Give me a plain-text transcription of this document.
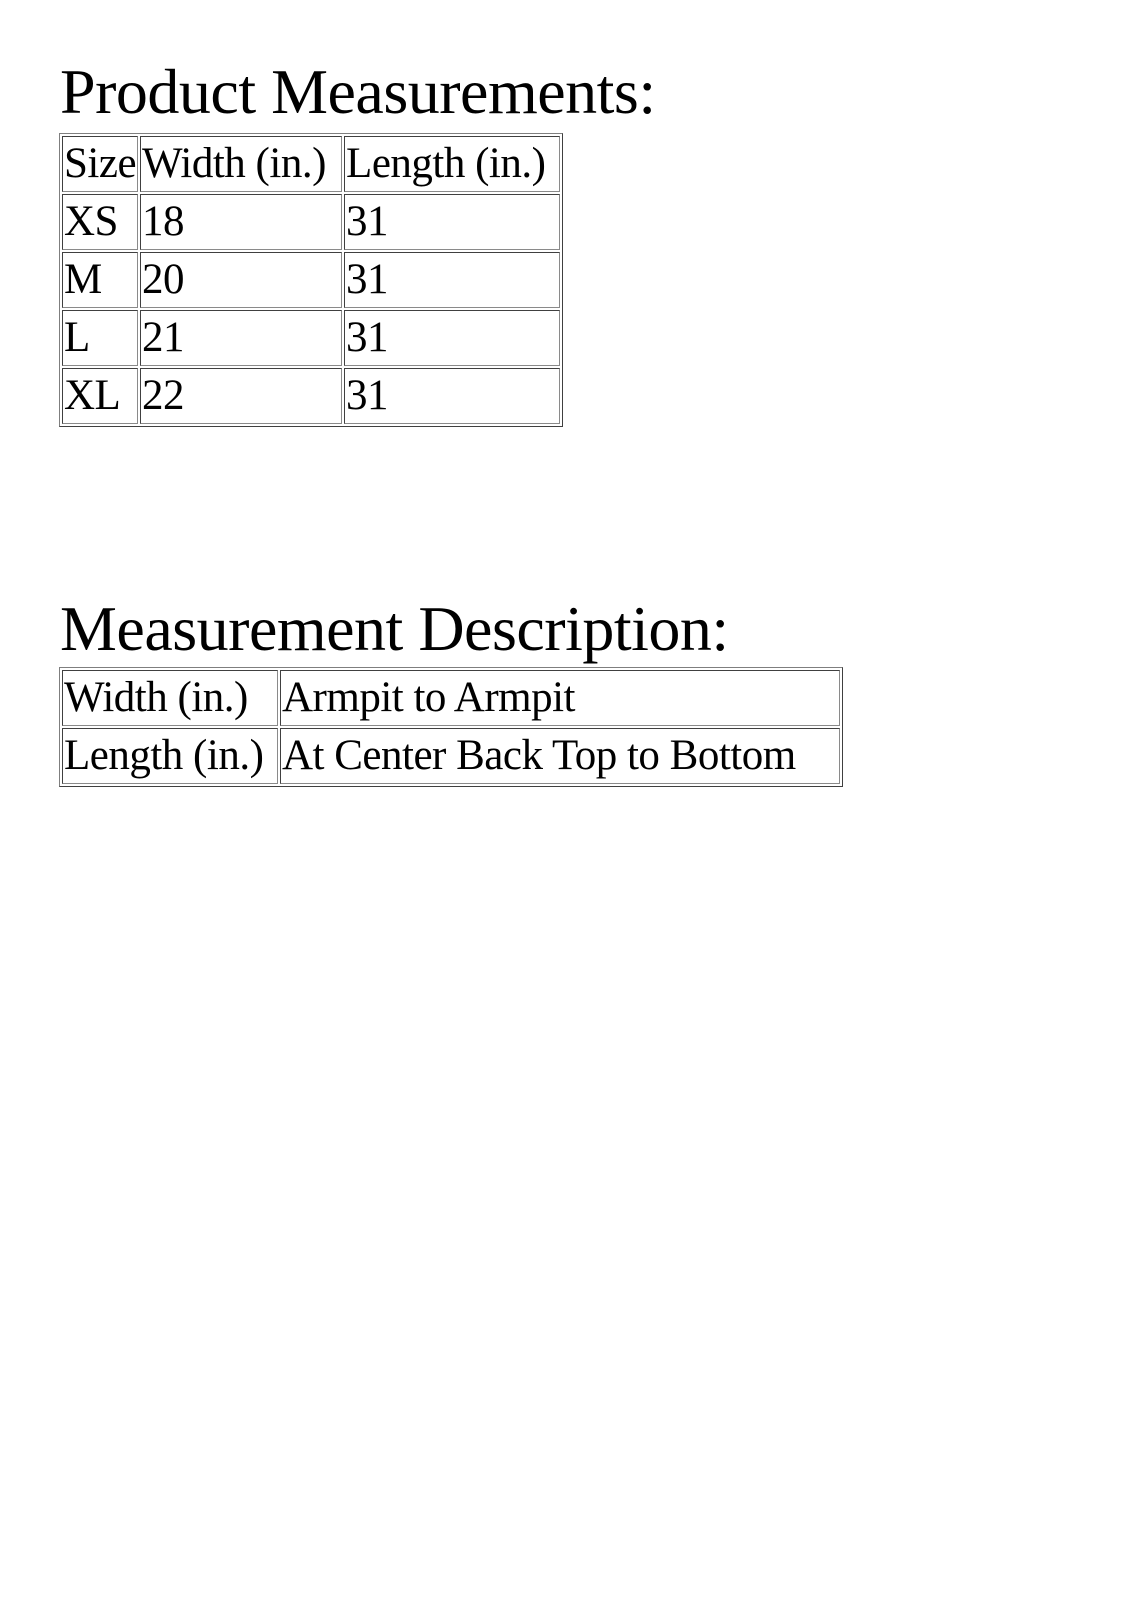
Product Measurements:
Size	Width (in.)	Length (in.)
XS	18	31
M	20	31
L	21	31
XL	22	31
Measurement Description:
Width (in.)	Armpit to Armpit
Length (in.)	At Center Back Top to Bottom
